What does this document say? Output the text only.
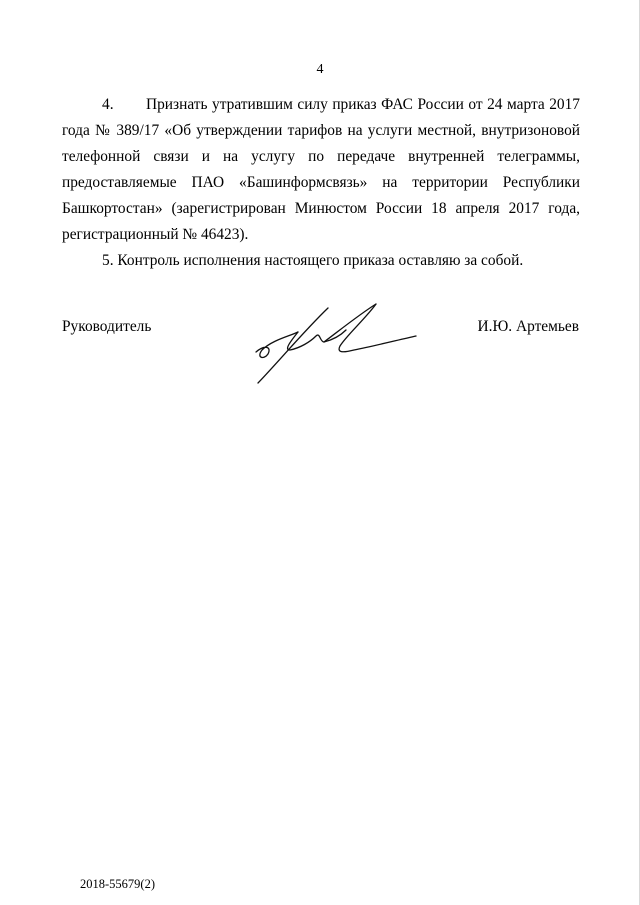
4
4. Признать утратившим силу приказ ФАС России от 24 марта 2017
года № 389/17 «Об утверждении тарифов на услуги местной, внутризоновой
телефонной связи и на услугу по передаче внутренней телеграммы,
предоставляемые ПАО «Башинформсвязь» на территории Республики
Башкортостан» (зарегистрирован Минюстом России 18 апреля 2017 года,
регистрационный № 46423).
5. Контроль исполнения настоящего приказа оставляю за собой.
Руководитель	И.Ю. Артемьев
2018-55679(2)
